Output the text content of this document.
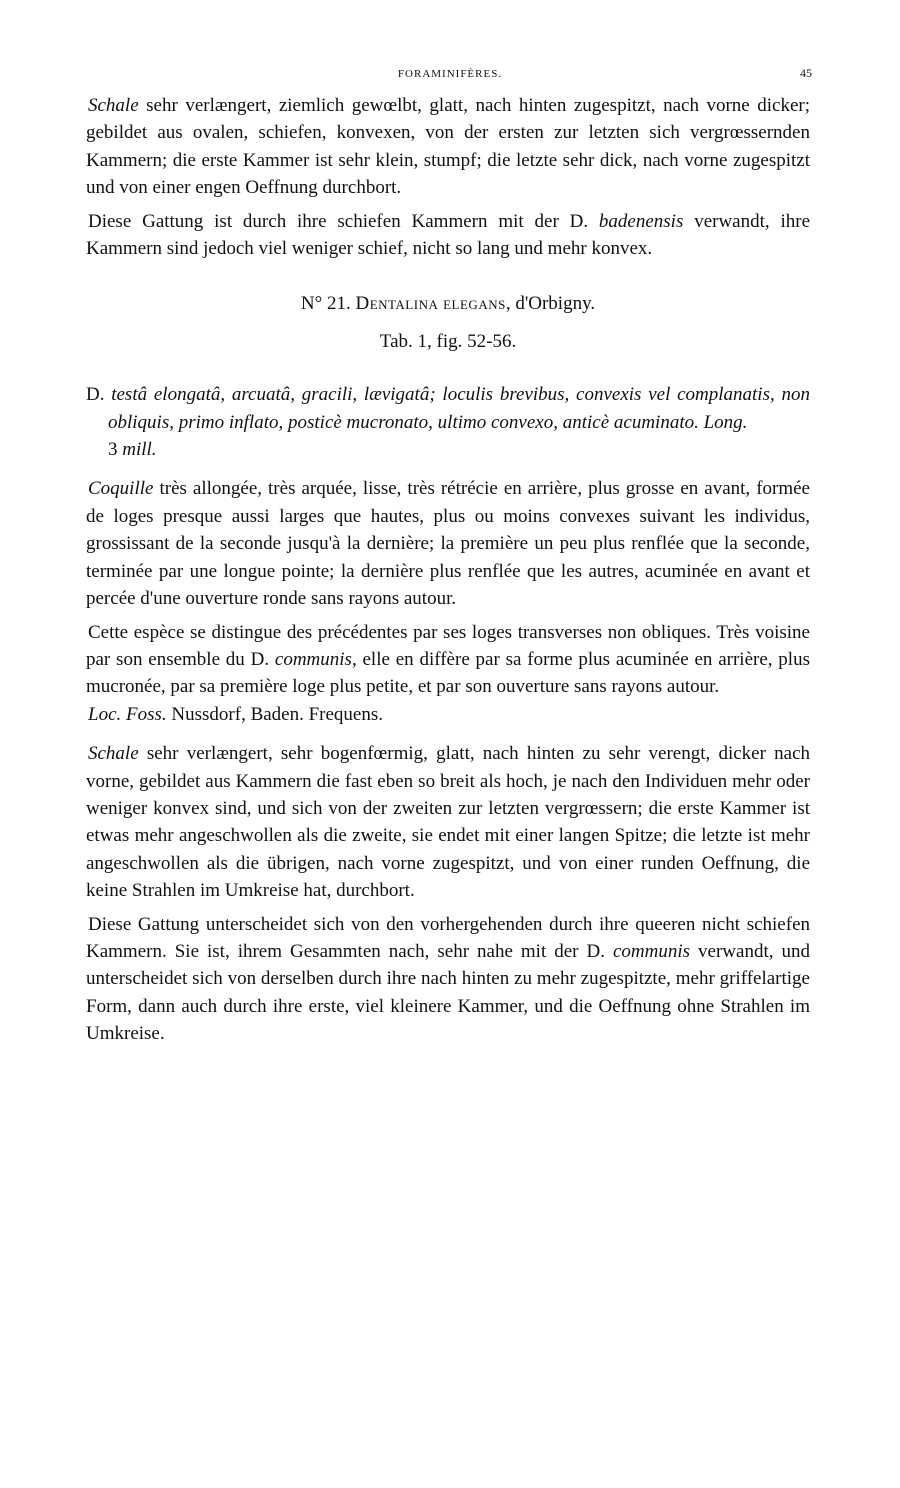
FORAMINIFÈRES.	45

Schale sehr verlængert, ziemlich gewœlbt, glatt, nach hinten zugespitzt, nach vorne dicker; gebildet aus ovalen, schiefen, konvexen, von der ersten zur letzten sich vergrœssernden Kammern; die erste Kammer ist sehr klein, stumpf; die letzte sehr dick, nach vorne zugespitzt und von einer engen Oeffnung durchbort.

Diese Gattung ist durch ihre schiefen Kammern mit der D. badenensis verwandt, ihre Kammern sind jedoch viel weniger schief, nicht so lang und mehr konvex.

N° 21. Dentalina elegans, d'Orbigny.

Tab. 1, fig. 52-56.

D. testâ elongatâ, arcuatâ, gracili, lævigatâ; loculis brevibus, convexis vel complanatis, non obliquis, primo inflato, posticè mucronato, ultimo convexo, anticè acuminato. Long.
3 mill.

Coquille très allongée, très arquée, lisse, très rétrécie en arrière, plus grosse en avant, formée de loges presque aussi larges que hautes, plus ou moins convexes suivant les individus, grossissant de la seconde jusqu'à la dernière; la première un peu plus renflée que la seconde, terminée par une longue pointe; la dernière plus renflée que les autres, acuminée en avant et percée d'une ouverture ronde sans rayons autour.

Cette espèce se distingue des précédentes par ses loges transverses non obliques. Très voisine par son ensemble du D. communis, elle en diffère par sa forme plus acuminée en arrière, plus mucronée, par sa première loge plus petite, et par son ouverture sans rayons autour.

Loc. Foss. Nussdorf, Baden. Frequens.

Schale sehr verlængert, sehr bogenfœrmig, glatt, nach hinten zu sehr verengt, dicker nach vorne, gebildet aus Kammern die fast eben so breit als hoch, je nach den Individuen mehr oder weniger konvex sind, und sich von der zweiten zur letzten vergrœssern; die erste Kammer ist etwas mehr angeschwollen als die zweite, sie endet mit einer langen Spitze; die letzte ist mehr angeschwollen als die übrigen, nach vorne zugespitzt, und von einer runden Oeffnung, die keine Strahlen im Umkreise hat, durchbort.

Diese Gattung unterscheidet sich von den vorhergehenden durch ihre queeren nicht schiefen Kammern. Sie ist, ihrem Gesammten nach, sehr nahe mit der D. communis verwandt, und unterscheidet sich von derselben durch ihre nach hinten zu mehr zugespitzte, mehr griffelartige Form, dann auch durch ihre erste, viel kleinere Kammer, und die Oeffnung ohne Strahlen im Umkreise.
